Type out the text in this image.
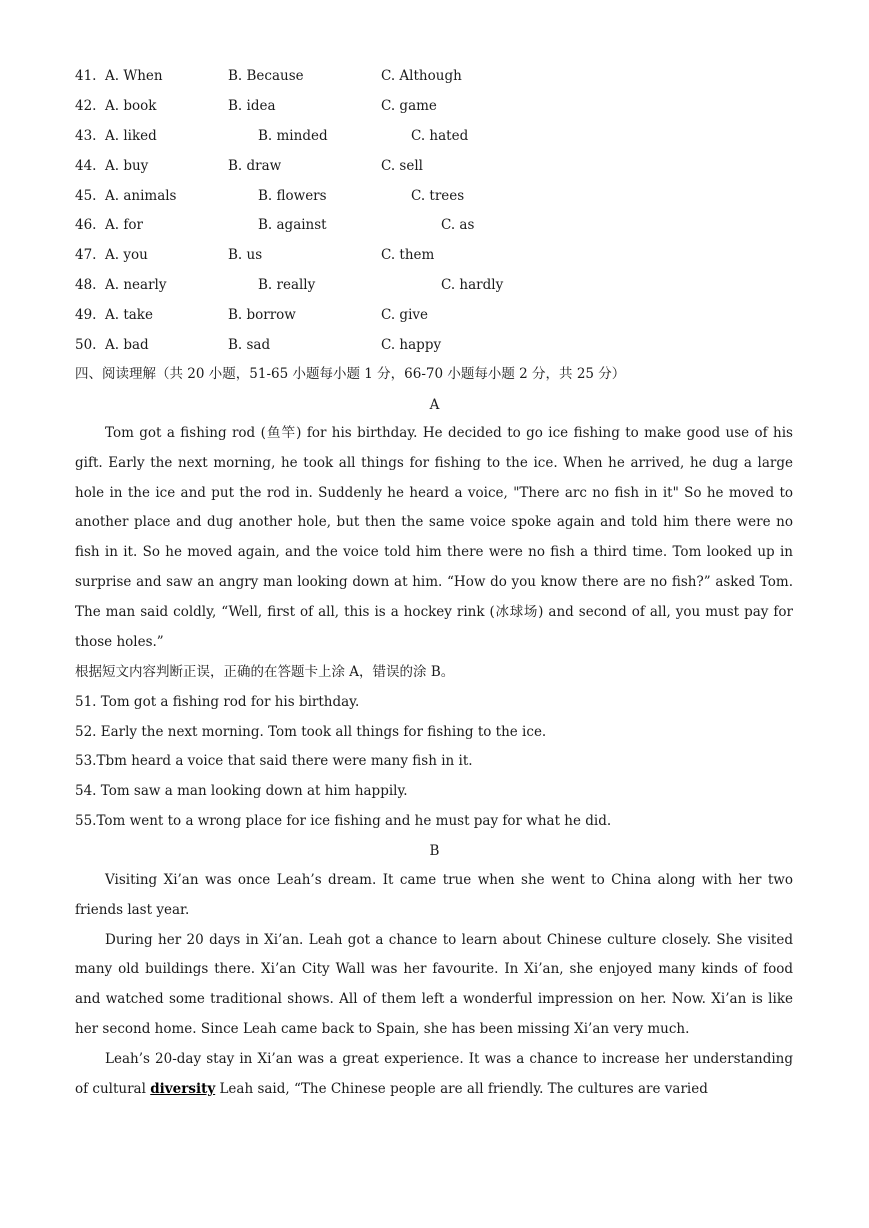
41. A. When	B. Because	C. Although
42. A. book	B. idea	C. game
43. A. liked	B. minded	C. hated
44. A. buy	B. draw	C. sell
45. A. animals	B. flowers	C. trees
46. A. for	B. against	C. as
47. A. you	B. us	C. them
48. A. nearly	B. really	C. hardly
49. A. take	B. borrow	C. give
50. A. bad	B. sad	C. happy
四、阅读理解（共 20 小题，51-65 小题每小题 1 分，66-70 小题每小题 2 分，共 25 分）
A
Tom got a fishing rod (鱼竿) for his birthday. He decided to go ice fishing to make good use of his gift. Early the next morning, he took all things for fishing to the ice. When he arrived, he dug a large hole in the ice and put the rod in. Suddenly he heard a voice, "There arc no fish in it" So he moved to another place and dug another hole, but then the same voice spoke again and told him there were no fish in it. So he moved again, and the voice told him there were no fish a third time. Tom looked up in surprise and saw an angry man looking down at him. “How do you know there are no fish?” asked Tom. The man said coldly, “Well, first of all, this is a hockey rink (冰球场) and second of all, you must pay for those holes.”
根据短文内容判断正误，正确的在答题卡上涂 A，错误的涂 B。
51. Tom got a fishing rod for his birthday.
52. Early the next morning. Tom took all things for fishing to the ice.
53.Tbm heard a voice that said there were many fish in it.
54. Tom saw a man looking down at him happily.
55.Tom went to a wrong place for ice fishing and he must pay for what he did.
B
Visiting Xi’an was once Leah’s dream. It came true when she went to China along with her two friends last year.
During her 20 days in Xi’an. Leah got a chance to learn about Chinese culture closely. She visited many old buildings there. Xi’an City Wall was her favourite. In Xi’an, she enjoyed many kinds of food and watched some traditional shows. All of them left a wonderful impression on her. Now. Xi’an is like her second home. Since Leah came back to Spain, she has been missing Xi’an very much.
Leah’s 20-day stay in Xi’an was a great experience. It was a chance to increase her understanding of cultural diversity Leah said, “The Chinese people are all friendly. The cultures are varied
